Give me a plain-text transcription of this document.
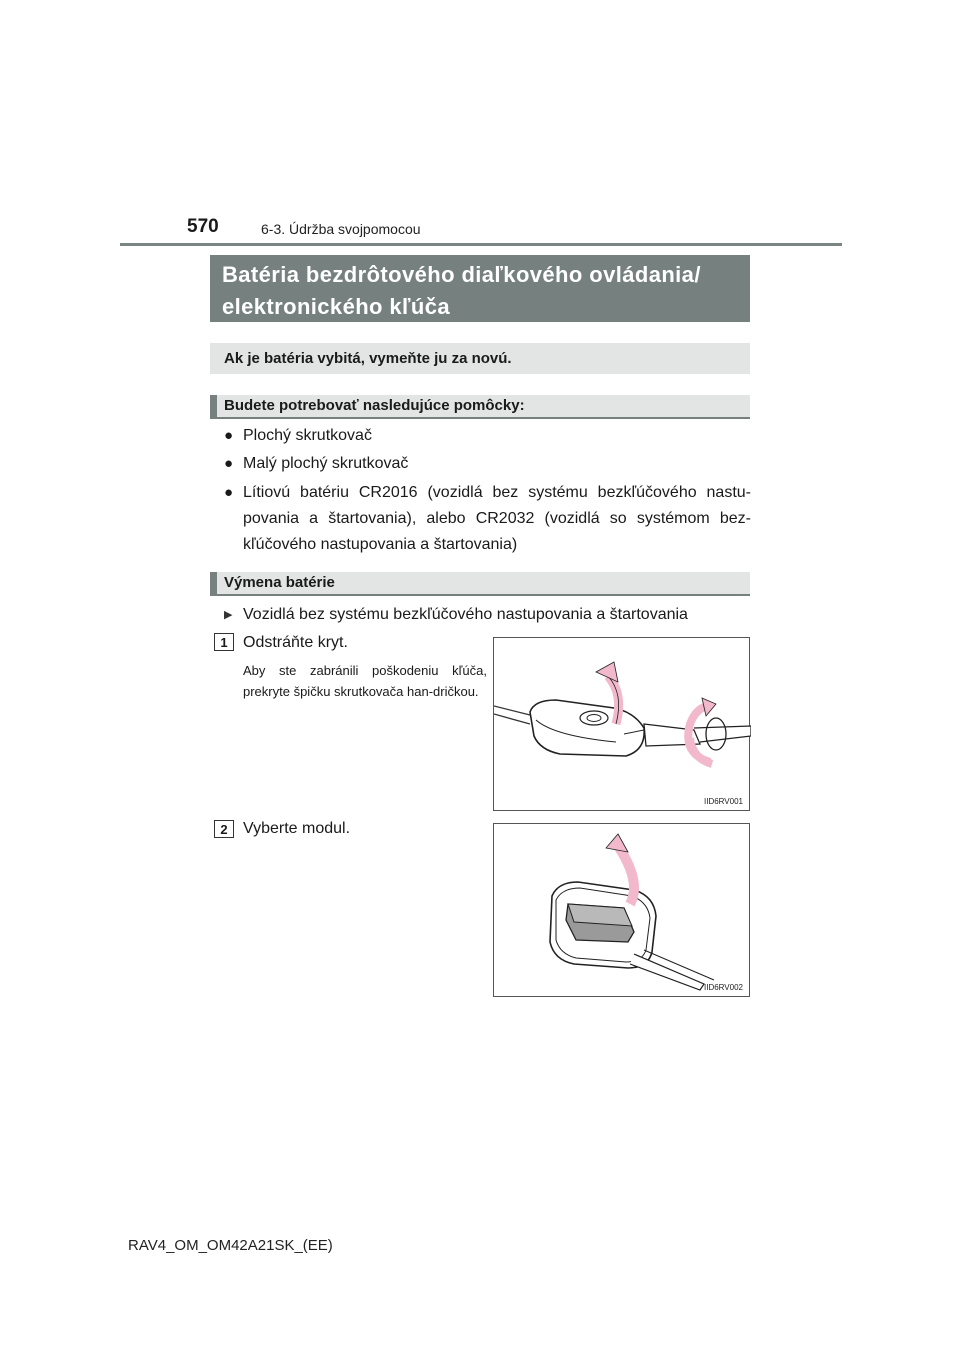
570	6-3. Údržba svojpomocou
Batéria bezdrôtového diaľkového ovládania/
elektronického kľúča
Ak je batéria vybitá, vymeňte ju za novú.
Budete potrebovať nasledujúce pomôcky:
● Plochý skrutkovač
● Malý plochý skrutkovač
● Lítiovú batériu CR2016 (vozidlá bez systému bezkľúčového nastu-povania a štartovania), alebo CR2032 (vozidlá so systémom bez-kľúčového nastupovania a štartovania)
Výmena batérie
▶ Vozidlá bez systému bezkľúčového nastupovania a štartovania
1 Odstráňte kryt.
Aby ste zabránili poškodeniu kľúča, prekryte špičku skrutkovača han-dričkou.
IID6RV001
2 Vyberte modul.
IID6RV002
RAV4_OM_OM42A21SK_(EE)
